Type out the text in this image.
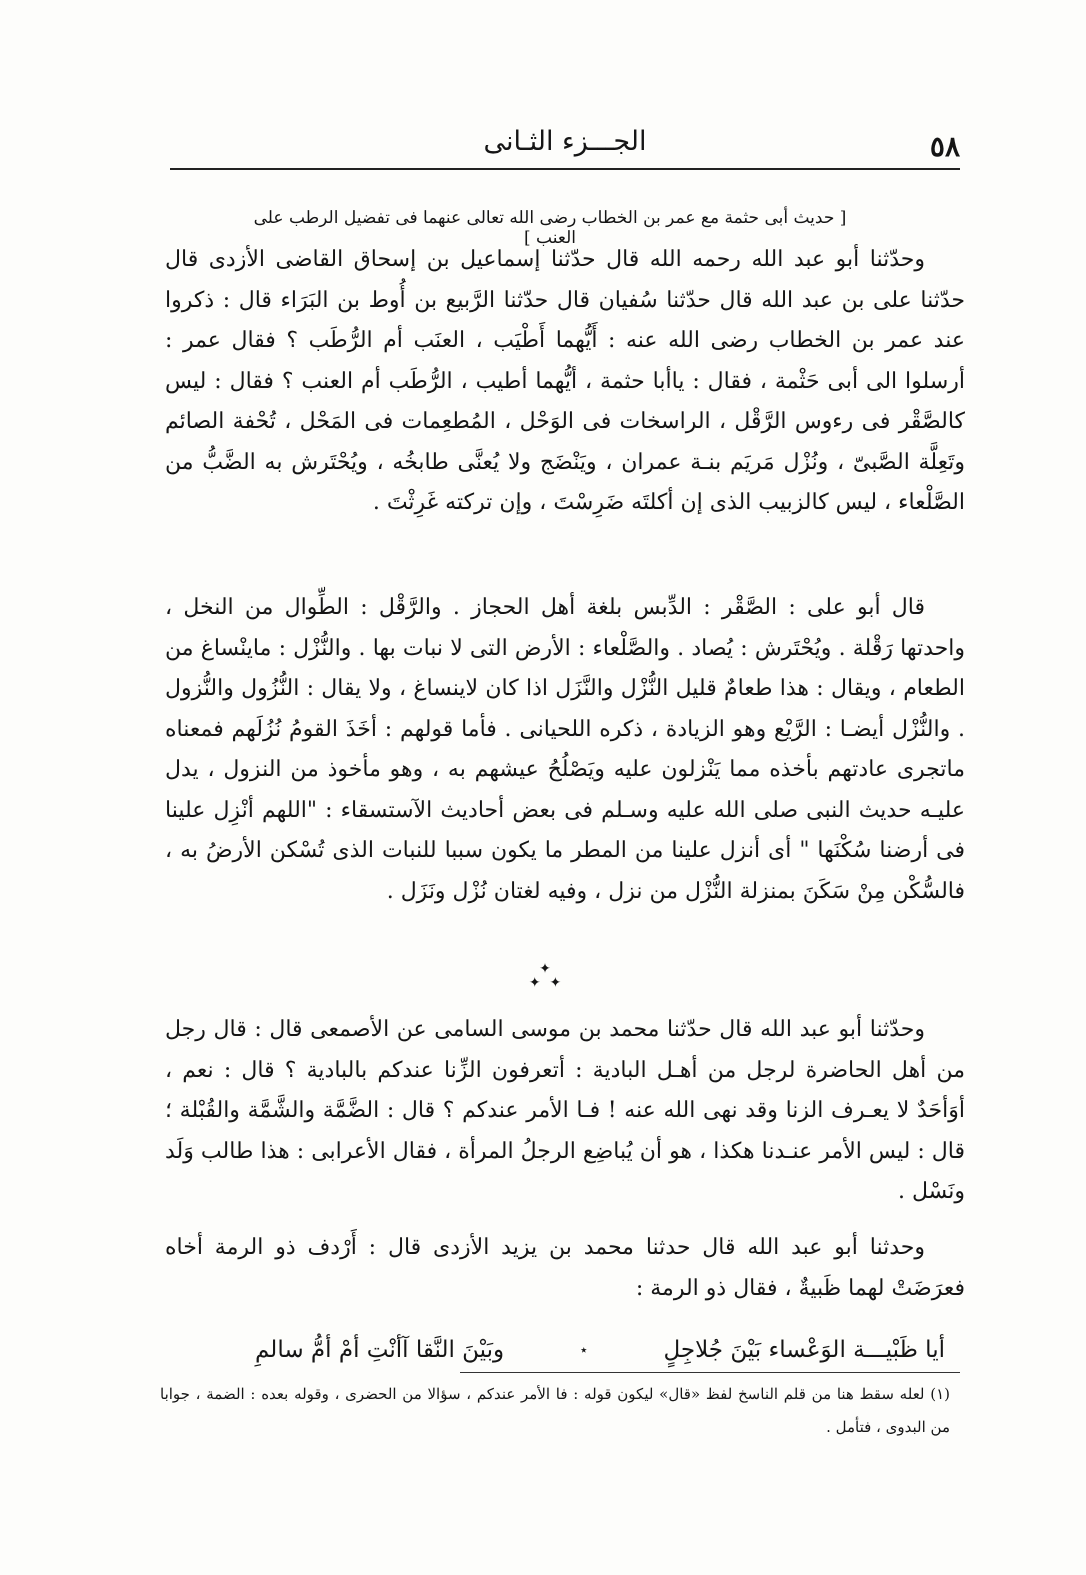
٥٨
الجـــزء الثـانى
[ حديث أبى حثمة مع عمر بن الخطاب رضى الله تعالى عنهما فى تفضيل الرطب على العنب ]

وحدّثنا أبو عبد الله رحمه الله قال حدّثنا إسماعيل بن إسحاق القاضى الأزدى قال حدّثنا على بن عبد الله قال حدّثنا سُفيان قال حدّثنا الرَّبيع بن أُوط بن البَرَاء قال : ذكروا عند عمر بن الخطاب رضى الله عنه : أَيُّهما أَطْيَب ، العنَب أم الرُّطَب ؟ فقال عمر : أرسلوا الى أبى حَثْمة ، فقال : ياأبا حثمة ، أيُّهما أطيب ، الرُّطَب أم العنب ؟ فقال : ليس كالصَّقْر فى رءوس الرَّقْل ، الراسخات فى الوَحْل ، المُطعِمات فى المَحْل ، تُحْفة الصائم وتَعِلَّة الصَّبىّ ، ونُزْل مَريَم بنـة عمران ، ويَنْضَج ولا يُعنَّى طابخُه ، ويُحْتَرش به الضَّبُّ من الصَّلْعاء ، ليس كالزبيب الذى إن أكلتَه ضَرِسْتَ ، وإن تركته غَرِثْتَ .

قال أبو على : الصَّقْر : الدِّبس بلغة أهل الحجاز . والرَّقْل : الطِّوال من النخل ، واحدتها رَقْلة . ويُحْتَرش : يُصاد . والصَّلْعاء : الأرض التى لا نبات بها . والنُّزْل : ماينْساغ من الطعام ، ويقال : هذا طعامٌ قليل النُّزْل والنَّزَل اذا كان لاينساغ ، ولا يقال : النُّزُول والنُّزول . والنُّزْل أيضـا : الرَّيْع وهو الزيادة ، ذكره اللحيانى . فأما قولهم : أخَذَ القومُ نُزُلَهم فمعناه ماتجرى عادتهم بأخذه مما يَنْزلون عليه ويَصْلُحُ عيشهم به ، وهو مأخوذ من النزول ، يدل عليـه حديث النبى صلى الله عليه وسـلم فى بعض أحاديث الآستسقاء : "اللهم أنْزِل علينا فى أرضنا سُكْنَها " أى أنزل علينا من المطر ما يكون سببا للنبات الذى تُسْكن الأرضُ به ، فالسُّكْن مِنْ سَكَنَ بمنزلة النُّزْل من نزل ، وفيه لغتان نُزْل ونَزَل .

✦
✦ ✦

وحدّثنا أبو عبد الله قال حدّثنا محمد بن موسى السامى عن الأصمعى قال : قال رجل من أهل الحاضرة لرجل من أهـل البادية : أتعرفون الزِّنا عندكم بالبادية ؟ قال : نعم ، أوَأحَدٌ لا يعـرف الزنا وقد نهى الله عنه ! فـا الأمر عندكم ؟ قال : الضَّمَّة والشَّمَّة والقُبْلة ؛ قال : ليس الأمر عنـدنا هكذا ، هو أن يُباضِع الرجلُ المرأة ، فقال الأعرابى : هذا طالب وَلَد ونَسْل .

وحدثنا أبو عبد الله قال حدثنا محمد بن يزيد الأزدى قال : أَرْدف ذو الرمة أخاه فعرَضَتْ لهما ظَبيةٌ ، فقال ذو الرمة :

أيا ظَبْيـــة الوَعْساء بَيْنَ جُلاجِلٍ
٭
وبَيْنَ النَّقا آأنْتِ أمْ أمُّ سالمِ

(١) لعله سقط هنا من قلم الناسخ لفظ «قال» ليكون قوله : فا الأمر عندكم ، سؤالا من الحضرى ، وقوله بعده : الضمة ، جوابا من البدوى ، فتأمل .
